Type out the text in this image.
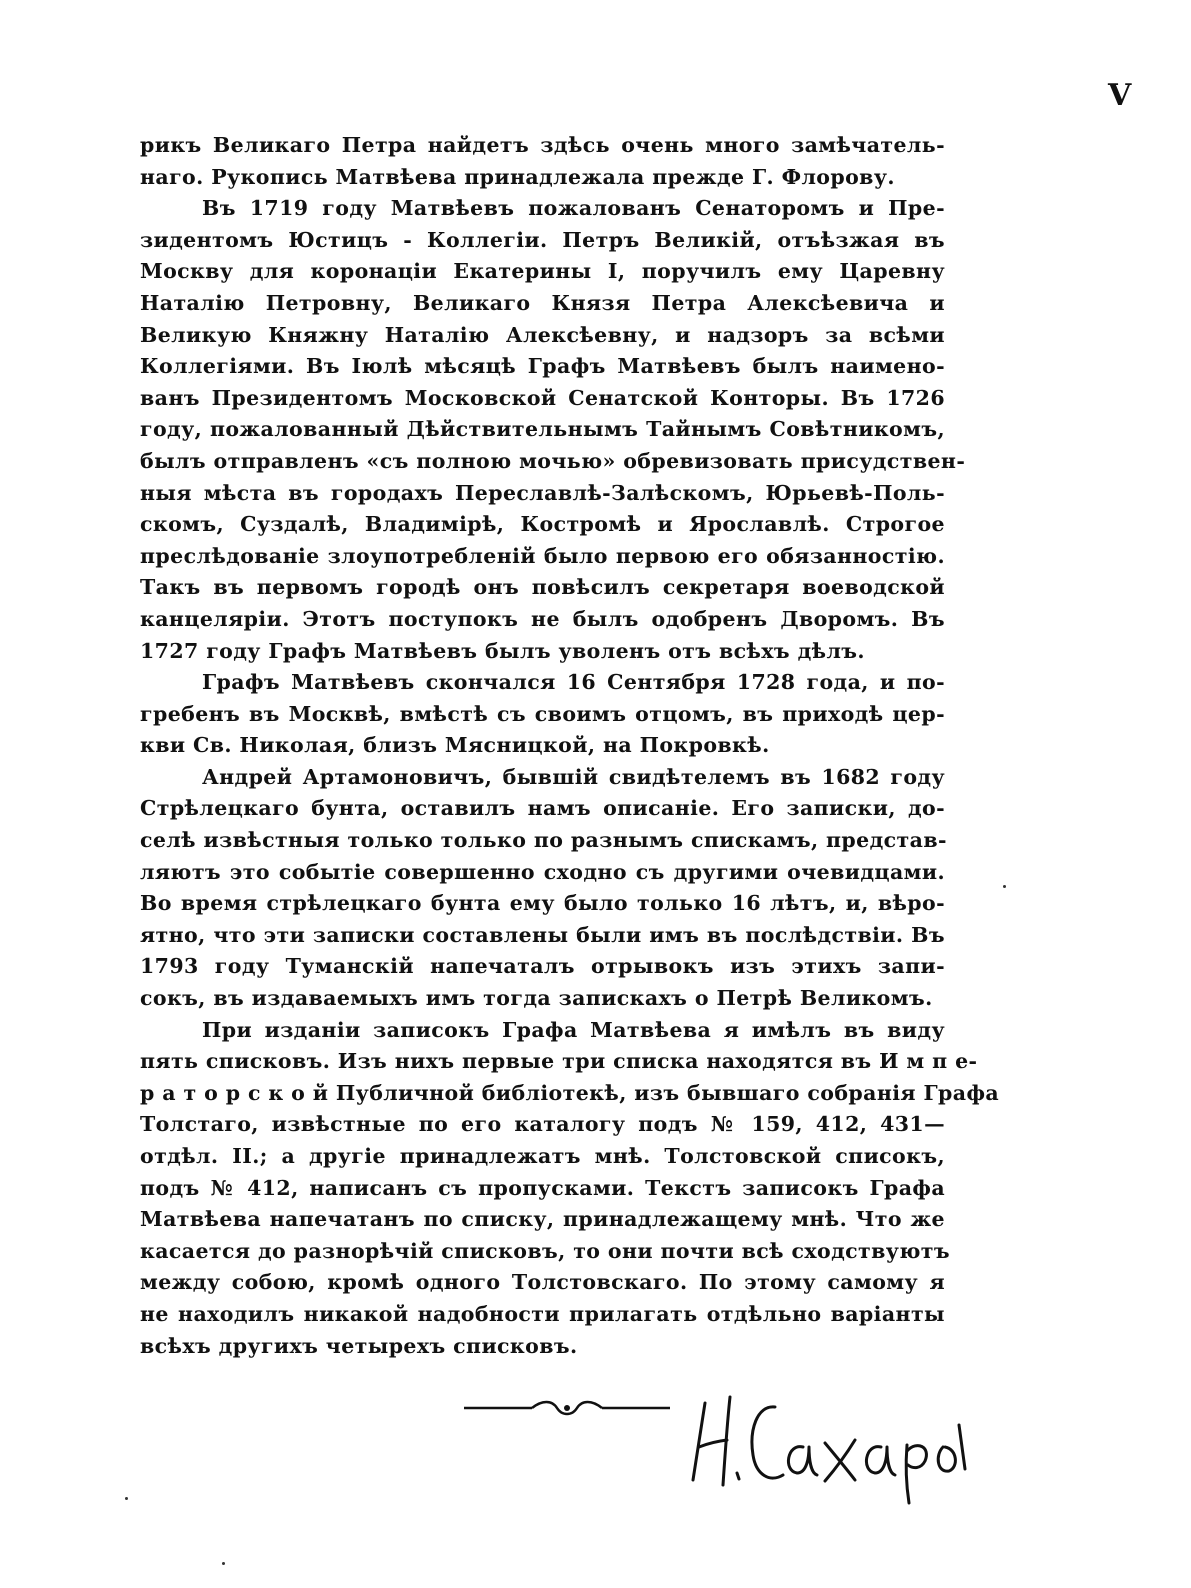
V
рикъ Великаго Петра найдетъ здѣсь очень много замѣчатель-
наго. Рукопись Матвѣева принадлежала прежде Г. Флорову.
Въ 1719 году Матвѣевъ пожалованъ Сенаторомъ и Пре-
зидентомъ Юстицъ - Коллегіи. Петръ Великій, отъѣзжая въ
Москву для коронаціи Екатерины I, поручилъ ему Царевну
Наталію Петровну, Великаго Князя Петра Алексѣевича и
Великую Княжну Наталію Алексѣевну, и надзоръ за всѣми
Коллегіями. Въ Іюлѣ мѣсяцѣ Графъ Матвѣевъ былъ наимено-
ванъ Президентомъ Московской Сенатской Конторы. Въ 1726
году, пожалованный Дѣйствительнымъ Тайнымъ Совѣтникомъ,
былъ отправленъ «съ полною мочью» обревизовать присудствен-
ныя мѣста въ городахъ Переславлѣ-Залѣскомъ, Юрьевѣ-Поль-
скомъ, Суздалѣ, Владимірѣ, Костромѣ и Ярославлѣ. Строгое
преслѣдованіе злоупотребленій было первою его обязанностію.
Такъ въ первомъ городѣ онъ повѣсилъ секретаря воеводской
канцеляріи. Этотъ поступокъ не былъ одобренъ Дворомъ. Въ
1727 году Графъ Матвѣевъ былъ уволенъ отъ всѣхъ дѣлъ.
Графъ Матвѣевъ скончался 16 Сентября 1728 года, и по-
гребенъ въ Москвѣ, вмѣстѣ съ своимъ отцомъ, въ приходѣ цер-
кви Св. Николая, близъ Мясницкой, на Покровкѣ.
Андрей Артамоновичъ, бывшій свидѣтелемъ въ 1682 году
Стрѣлецкаго бунта, оставилъ намъ описаніе. Его записки, до-
селѣ извѣстныя только только по разнымъ спискамъ, представ-
ляютъ это событіе совершенно сходно съ другими очевидцами.
Во время стрѣлецкаго бунта ему было только 16 лѣтъ, и, вѣро-
ятно, что эти записки составлены были имъ въ послѣдствіи. Въ
1793 году Туманскій напечаталъ отрывокъ изъ этихъ запи-
сокъ, въ издаваемыхъ имъ тогда запискахъ о Петрѣ Великомъ.
При изданіи записокъ Графа Матвѣева я имѣлъ въ виду
пять списковъ. Изъ нихъ первые три списка находятся въ И м п е-
р а т о р с к о й Публичной библіотекѣ, изъ бывшаго собранія Графа
Толстаго, извѣстные по его каталогу подъ № 159, 412, 431—
отдѣл. II.; а другіе принадлежатъ мнѣ. Толстовской списокъ,
подъ № 412, написанъ съ пропусками. Текстъ записокъ Графа
Матвѣева напечатанъ по списку, принадлежащему мнѣ. Что же
касается до разнорѣчій списковъ, то они почти всѣ сходствуютъ
между собою, кромѣ одного Толстовскаго. По этому самому я
не находилъ никакой надобности прилагать отдѣльно варіанты
всѣхъ другихъ четырехъ списковъ.
